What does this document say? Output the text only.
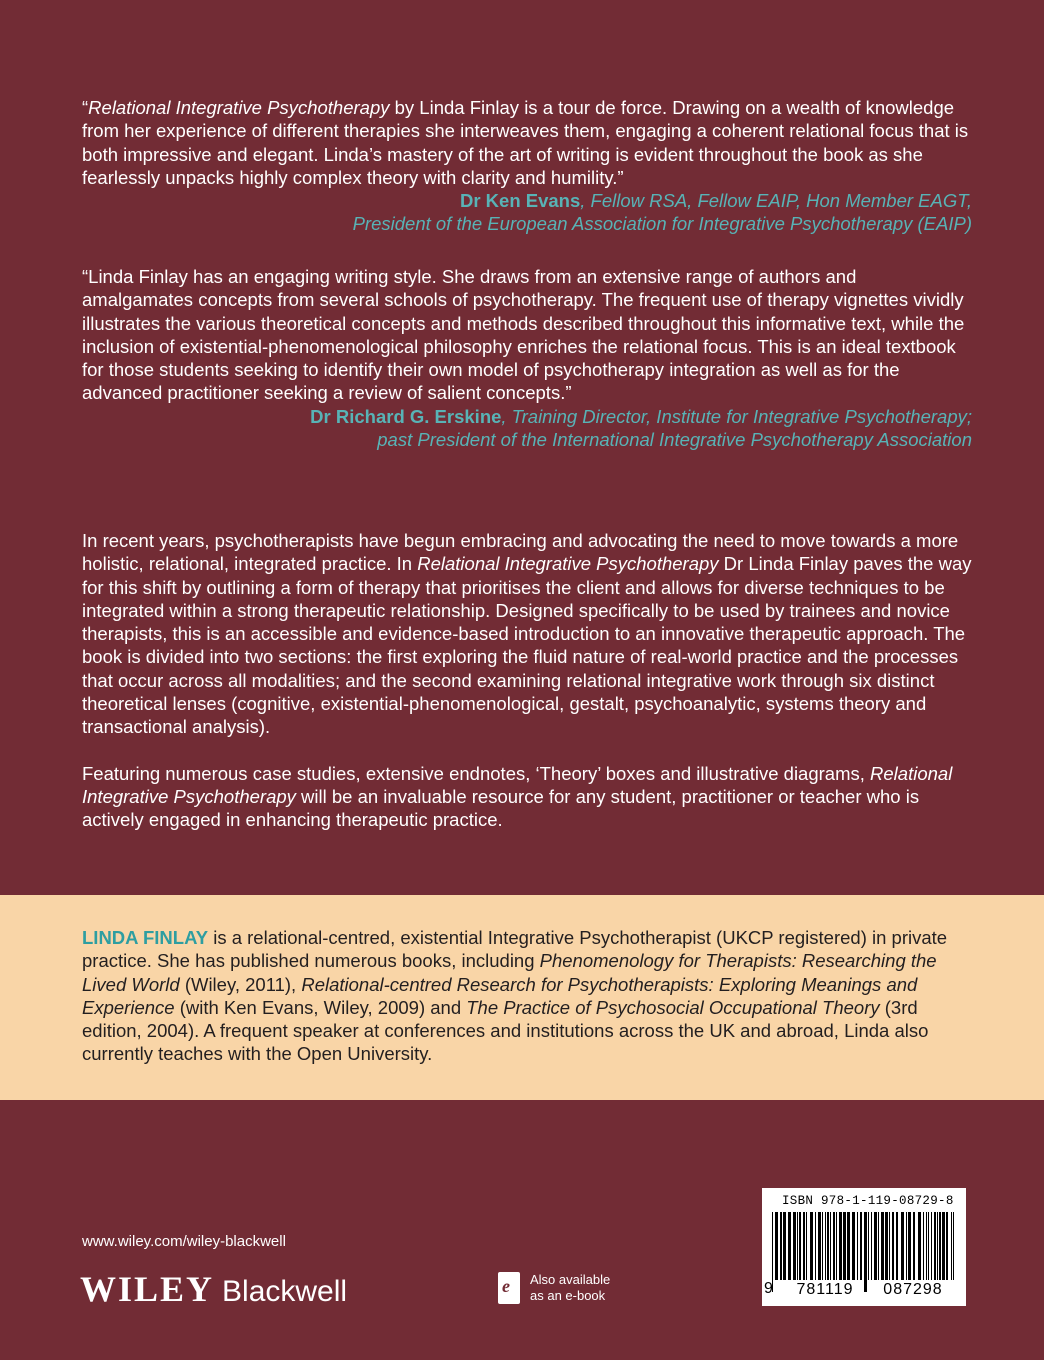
“Relational Integrative Psychotherapy by Linda Finlay is a tour de force. Drawing on a wealth of knowledge from her experience of different therapies she interweaves them, engaging a coherent relational focus that is both impressive and elegant. Linda’s mastery of the art of writing is evident throughout the book as she fearlessly unpacks highly complex theory with clarity and humility.”

Dr Ken Evans, Fellow RSA, Fellow EAIP, Hon Member EAGT,
President of the European Association for Integrative Psychotherapy (EAIP)

“Linda Finlay has an engaging writing style. She draws from an extensive range of authors and amalgamates concepts from several schools of psychotherapy. The frequent use of therapy vignettes vividly illustrates the various theoretical concepts and methods described throughout this informative text, while the inclusion of existential-phenomenological philosophy enriches the relational focus. This is an ideal textbook for those students seeking to identify their own model of psychotherapy integration as well as for the advanced practitioner seeking a review of salient concepts.”

Dr Richard G. Erskine, Training Director, Institute for Integrative Psychotherapy;
past President of the International Integrative Psychotherapy Association

In recent years, psychotherapists have begun embracing and advocating the need to move towards a more holistic, relational, integrated practice. In Relational Integrative Psychotherapy Dr Linda Finlay paves the way for this shift by outlining a form of therapy that prioritises the client and allows for diverse techniques to be integrated within a strong therapeutic relationship. Designed specifically to be used by trainees and novice therapists, this is an accessible and evidence-based introduction to an innovative therapeutic approach. The book is divided into two sections: the first exploring the fluid nature of real-world practice and the processes that occur across all modalities; and the second examining relational integrative work through six distinct theoretical lenses (cognitive, existential-phenomenological, gestalt, psychoanalytic, systems theory and transactional analysis).

Featuring numerous case studies, extensive endnotes, ‘Theory’ boxes and illustrative diagrams, Relational Integrative Psychotherapy will be an invaluable resource for any student, practitioner or teacher who is actively engaged in enhancing therapeutic practice.

LINDA FINLAY is a relational-centred, existential Integrative Psychotherapist (UKCP registered) in private practice. She has published numerous books, including Phenomenology for Therapists: Researching the Lived World (Wiley, 2011), Relational-centred Research for Psychotherapists: Exploring Meanings and Experience (with Ken Evans, Wiley, 2009) and The Practice of Psychosocial Occupational Theory (3rd edition, 2004). A frequent speaker at conferences and institutions across the UK and abroad, Linda also currently teaches with the Open University.

www.wiley.com/wiley-blackwell
WILEY Blackwell	e Also available
as an e-book
ISBN 978-1-119-08729-8
9	781119	087298
